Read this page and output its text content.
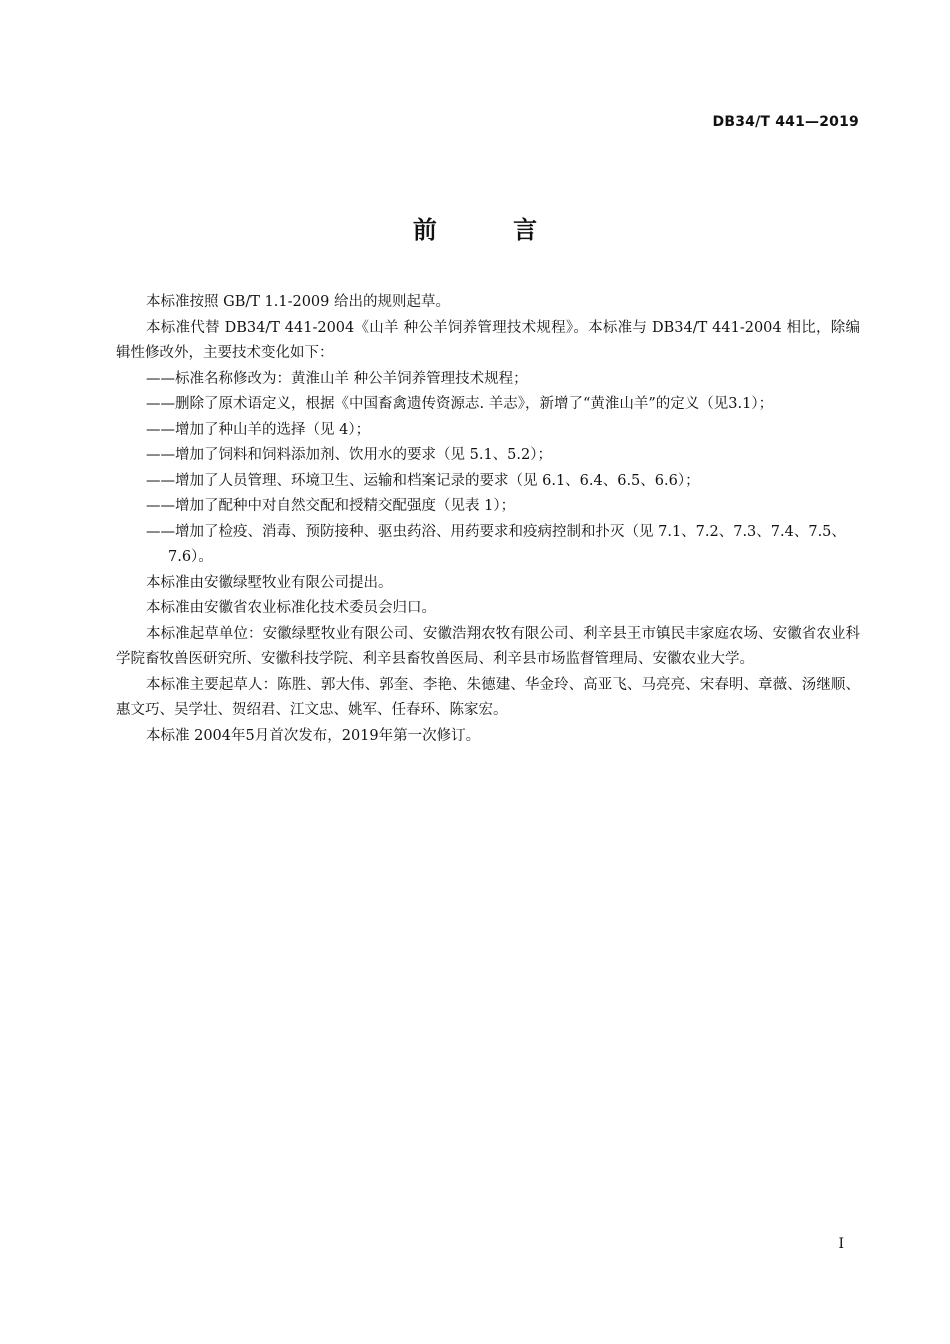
DB34/T 441—2019
前 言

本标准按照 GB/T 1.1-2009 给出的规则起草。

本标准代替 DB34/T 441-2004《山羊 种公羊饲养管理技术规程》。本标准与 DB34/T 441-2004 相比，除编辑性修改外，主要技术变化如下：

——标准名称修改为：黄淮山羊 种公羊饲养管理技术规程；

——删除了原术语定义，根据《中国畜禽遗传资源志. 羊志》，新增了“黄淮山羊”的定义（见3.1）；

——增加了种山羊的选择（见 4）；

——增加了饲料和饲料添加剂、饮用水的要求（见 5.1、5.2）；

——增加了人员管理、环境卫生、运输和档案记录的要求（见 6.1、6.4、6.5、6.6）；

——增加了配种中对自然交配和授精交配强度（见表 1）；

——增加了检疫、消毒、预防接种、驱虫药浴、用药要求和疫病控制和扑灭（见 7.1、7.2、7.3、7.4、7.5、7.6）。

本标准由安徽绿墅牧业有限公司提出。

本标准由安徽省农业标准化技术委员会归口。

本标准起草单位：安徽绿墅牧业有限公司、安徽浩翔农牧有限公司、利辛县王市镇民丰家庭农场、安徽省农业科学院畜牧兽医研究所、安徽科技学院、利辛县畜牧兽医局、利辛县市场监督管理局、安徽农业大学。

本标准主要起草人：陈胜、郭大伟、郭奎、李艳、朱德建、华金玲、高亚飞、马亮亮、宋春明、章薇、汤继顺、惠文巧、吴学壮、贺绍君、江文忠、姚军、任春环、陈家宏。

本标准 2004年5月首次发布，2019年第一次修订。

I
